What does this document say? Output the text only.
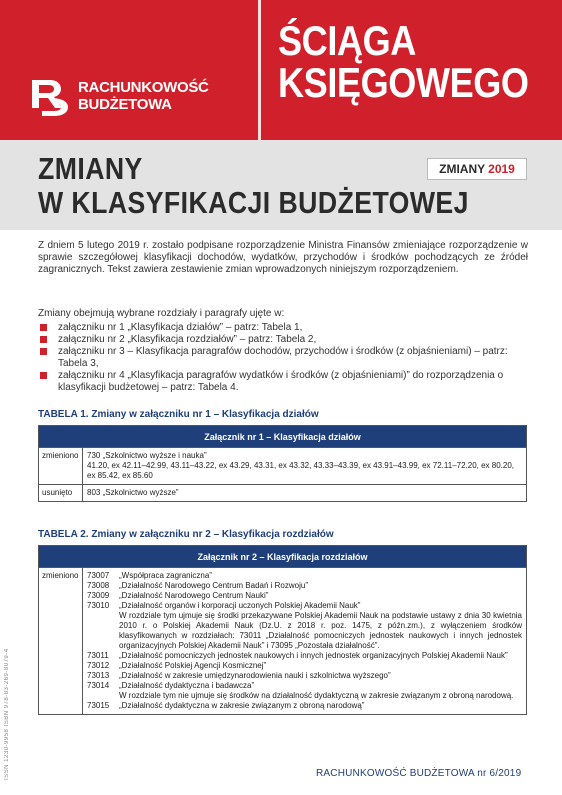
RACHUNKOWOŚĆ
BUDŻETOWA
ŚCIĄGA
KSIĘGOWEGO
ZMIANY
W KLASYFIKACJI BUDŻETOWEJ
ZMIANY 2019
ISSN 1230-9958 ISBN 978-83-269-8079-4

Z dniem 5 lutego 2019 r. zostało podpisane rozporządzenie Ministra Finansów zmieniające rozporządzenie w sprawie szczegółowej klasyfikacji dochodów, wydatków, przychodów i środków pochodzących ze źródeł zagranicznych. Tekst zawiera zestawienie zmian wprowadzonych niniejszym rozporządzeniem.

Zmiany obejmują wybrane rozdziały i paragrafy ujęte w:

załączniku nr 1 „Klasyfikacja działów” – patrz: Tabela 1,
załączniku nr 2 „Klasyfikacja rozdziałów” – patrz: Tabela 2,
załączniku nr 3 – Klasyfikacja paragrafów dochodów, przychodów i środków (z objaśnieniami) – patrz: Tabela 3,
załączniku nr 4 „Klasyfikacja paragrafów wydatków i środków (z objaśnieniami)” do rozporządzenia o klasyfikacji budżetowej – patrz: Tabela 4.
TABELA 1. Zmiany w załączniku nr 1 – Klasyfikacja działów
Załącznik nr 1 – Klasyfikacja działów
zmieniono	730 „Szkolnictwo wyższe i nauka”
41.20, ex 42.11–42.99, 43.11–43.22, ex 43.29, 43.31, ex 43.32, 43.33–43.39, ex 43.91–43.99, ex 72.11–72.20, ex 80.20, ex 85.42, ex 85.60
usunięto	803 „Szkolnictwo wyższe”
TABELA 2. Zmiany w załączniku nr 2 – Klasyfikacja rozdziałów
Załącznik nr 2 – Klasyfikacja rozdziałów
zmieniono	73007	„Współpraca zagraniczna”
73008	„Działalność Narodowego Centrum Badań i Rozwoju”
73009	„Działalność Narodowego Centrum Nauki”
73010	„Działalność organów i korporacji uczonych Polskiej Akademii Nauk”
W rozdziale tym ujmuje się środki przekazywane Polskiej Akademii Nauk na podstawie ustawy z dnia 30 kwietnia 2010 r. o Polskiej Akademii Nauk (Dz.U. z 2018 r. poz. 1475, z późn.zm.), z wyłączeniem środków klasyfikowanych w rozdziałach: 73011 „Działalność pomocniczych jednostek naukowych i innych jednostek organizacyjnych Polskiej Akademii Nauk” i 73095 „Pozostała działalność”.
73011	„Działalność pomocniczych jednostek naukowych i innych jednostek organizacyjnych Polskiej Akademii Nauk”
73012	„Działalność Polskiej Agencji Kosmicznej”
73013	„Działalność w zakresie umiędzynarodowienia nauki i szkolnictwa wyższego”
73014	„Działalność dydaktyczna i badawcza”
W rozdziale tym nie ujmuje się środków na działalność dydaktyczną w zakresie związanym z obroną narodową.
73015	„Działalność dydaktyczna w zakresie związanym z obroną narodową”
RACHUNKOWOŚĆ BUDŻETOWA nr 6/2019
